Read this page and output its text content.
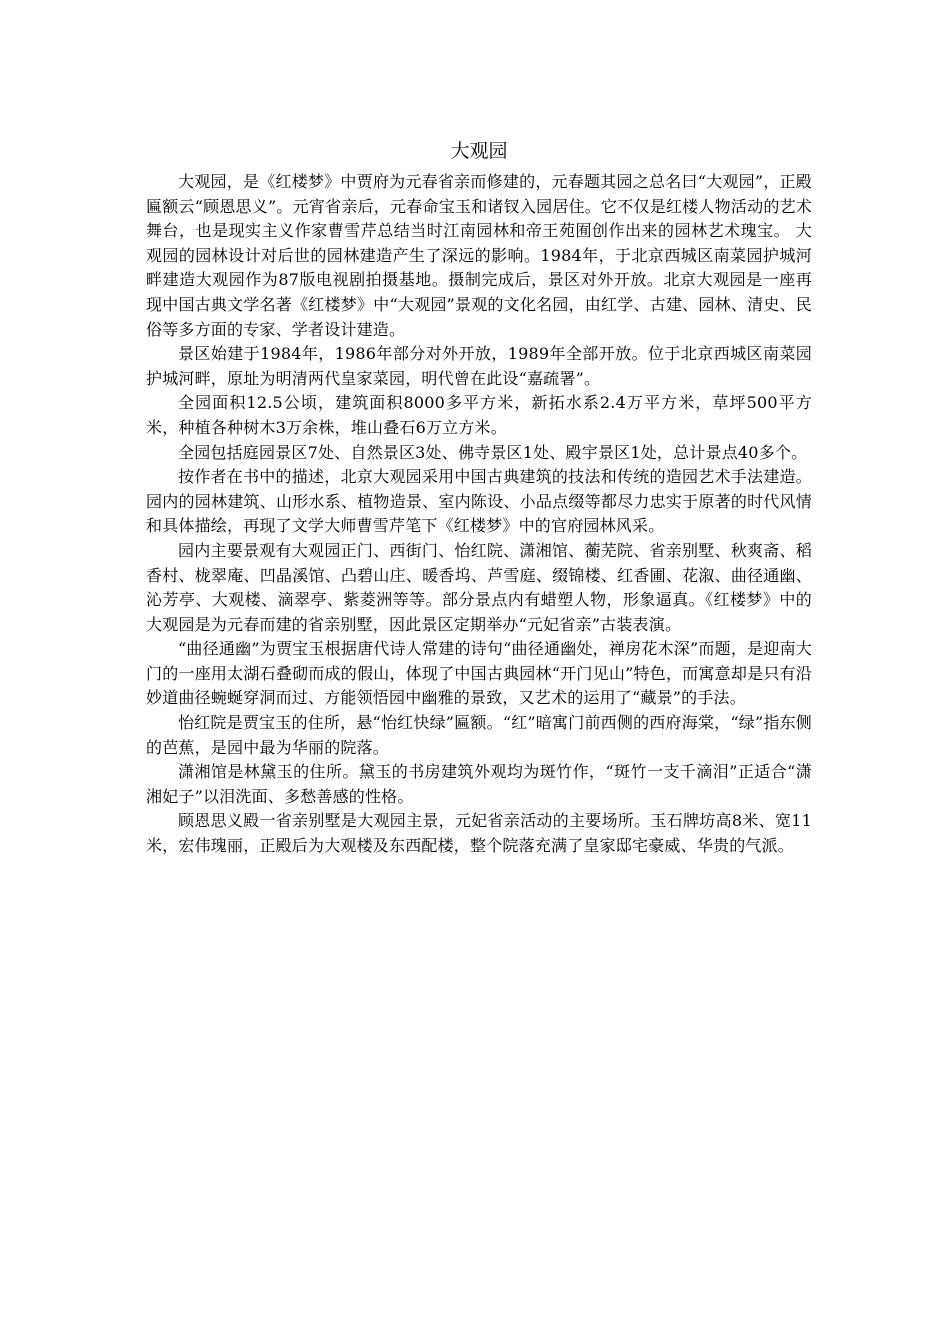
大观园

大观园，是《红楼梦》中贾府为元春省亲而修建的，元春题其园之总名曰“大观园”，正殿匾额云“顾恩思义”。元宵省亲后，元春命宝玉和诸钗入园居住。它不仅是红楼人物活动的艺术舞台，也是现实主义作家曹雪芹总结当时江南园林和帝王苑囿创作出来的园林艺术瑰宝。 大观园的园林设计对后世的园林建造产生了深远的影响。1984年，于北京西城区南菜园护城河畔建造大观园作为87版电视剧拍摄基地。摄制完成后，景区对外开放。北京大观园是一座再现中国古典文学名著《红楼梦》中“大观园”景观的文化名园，由红学、古建、园林、清史、民俗等多方面的专家、学者设计建造。

景区始建于1984年，1986年部分对外开放，1989年全部开放。位于北京西城区南菜园护城河畔，原址为明清两代皇家菜园，明代曾在此设“嘉疏署”。

全园面积12.5公顷，建筑面积8000多平方米，新拓水系2.4万平方米，草坪500平方米，种植各种树木3万余株，堆山叠石6万立方米。

全园包括庭园景区7处、自然景区3处、佛寺景区1处、殿宇景区1处，总计景点40多个。

按作者在书中的描述，北京大观园采用中国古典建筑的技法和传统的造园艺术手法建造。园内的园林建筑、山形水系、植物造景、室内陈设、小品点缀等都尽力忠实于原著的时代风情和具体描绘，再现了文学大师曹雪芹笔下《红楼梦》中的官府园林风采。

园内主要景观有大观园正门、西街门、怡红院、潇湘馆、蘅芜院、省亲别墅、秋爽斋、稻香村、栊翠庵、凹晶溪馆、凸碧山庄、暖香坞、芦雪庭、缀锦楼、红香圃、花溆、曲径通幽、沁芳亭、大观楼、滴翠亭、紫菱洲等等。部分景点内有蜡塑人物，形象逼真。《红楼梦》中的大观园是为元春而建的省亲别墅，因此景区定期举办“元妃省亲”古装表演。

“曲径通幽”为贾宝玉根据唐代诗人常建的诗句“曲径通幽处，禅房花木深”而题，是迎南大门的一座用太湖石叠砌而成的假山，体现了中国古典园林“开门见山”特色，而寓意却是只有沿妙道曲径蜿蜒穿洞而过、方能领悟园中幽雅的景致，又艺术的运用了“藏景”的手法。

怡红院是贾宝玉的住所，悬“怡红快绿”匾额。“红”暗寓门前西侧的西府海棠，“绿”指东侧的芭蕉，是园中最为华丽的院落。

潇湘馆是林黛玉的住所。黛玉的书房建筑外观均为斑竹作，“斑竹一支千滴泪”正适合“潇湘妃子”以泪洗面、多愁善感的性格。

顾恩思义殿一省亲别墅是大观园主景，元妃省亲活动的主要场所。玉石牌坊高8米、宽11米，宏伟瑰丽，正殿后为大观楼及东西配楼，整个院落充满了皇家邸宅豪威、华贵的气派。
